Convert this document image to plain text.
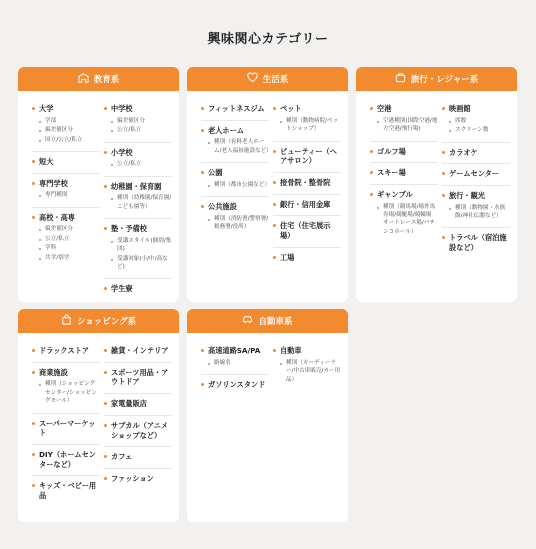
興味関心カテゴリー
教育系
大学
学部
偏差値区分
国立/公立/私立
短大
専門学校
専門種別
高校・高専
偏差値区分
公立/私立
学科
共学/別学
中学校
偏差値区分
公立/私立
小学校
公立/私立
幼稚園・保育園
種別（幼稚園/保育園/こども園等）
塾・予備校
受講スタイル(個別/集団)
受講対象(小/中/高など)
学生寮
生活系
フィットネスジム
老人ホーム
種別（有料老人ホーム/老人福祉施設など）
公園
種別（都市公園など）
公共施設
種別（消防署/警察署/税務署/役所）
ペット
種別（動物病院/ペットショップ）
ビューティー（ヘアサロン）
接骨院・整骨院
銀行・信用金庫
住宅（住宅展示場）
工場
旅行・レジャー系
空港
空港種別(国際空港/地方空港/飛行場)
ゴルフ場
スキー場
ギャンブル
種別（競馬場/場外馬券場/競艇場/競輪場 オートレース場/パチンコホール）
映画館
席数
スクリーン数
カラオケ
ゲームセンター
旅行・観光
種別（動物園・水族館/神社仏閣など）
トラベル（宿泊施設など）
ショッピング系
ドラックストア
商業施設
種別（ショッピングセンター/ショッピングモール）
スーパーマーケット
DIY（ホームセンターなど）
キッズ・ベビー用品
雑貨・インテリア
スポーツ用品・アウトドア
家電量販店
サブカル（アニメショップなど）
カフェ
ファッション
自動車系
高速道路SA/PA
路線名
ガソリンスタンド
自動車
種別（カーディーラー/中古車販売/カー用品）
